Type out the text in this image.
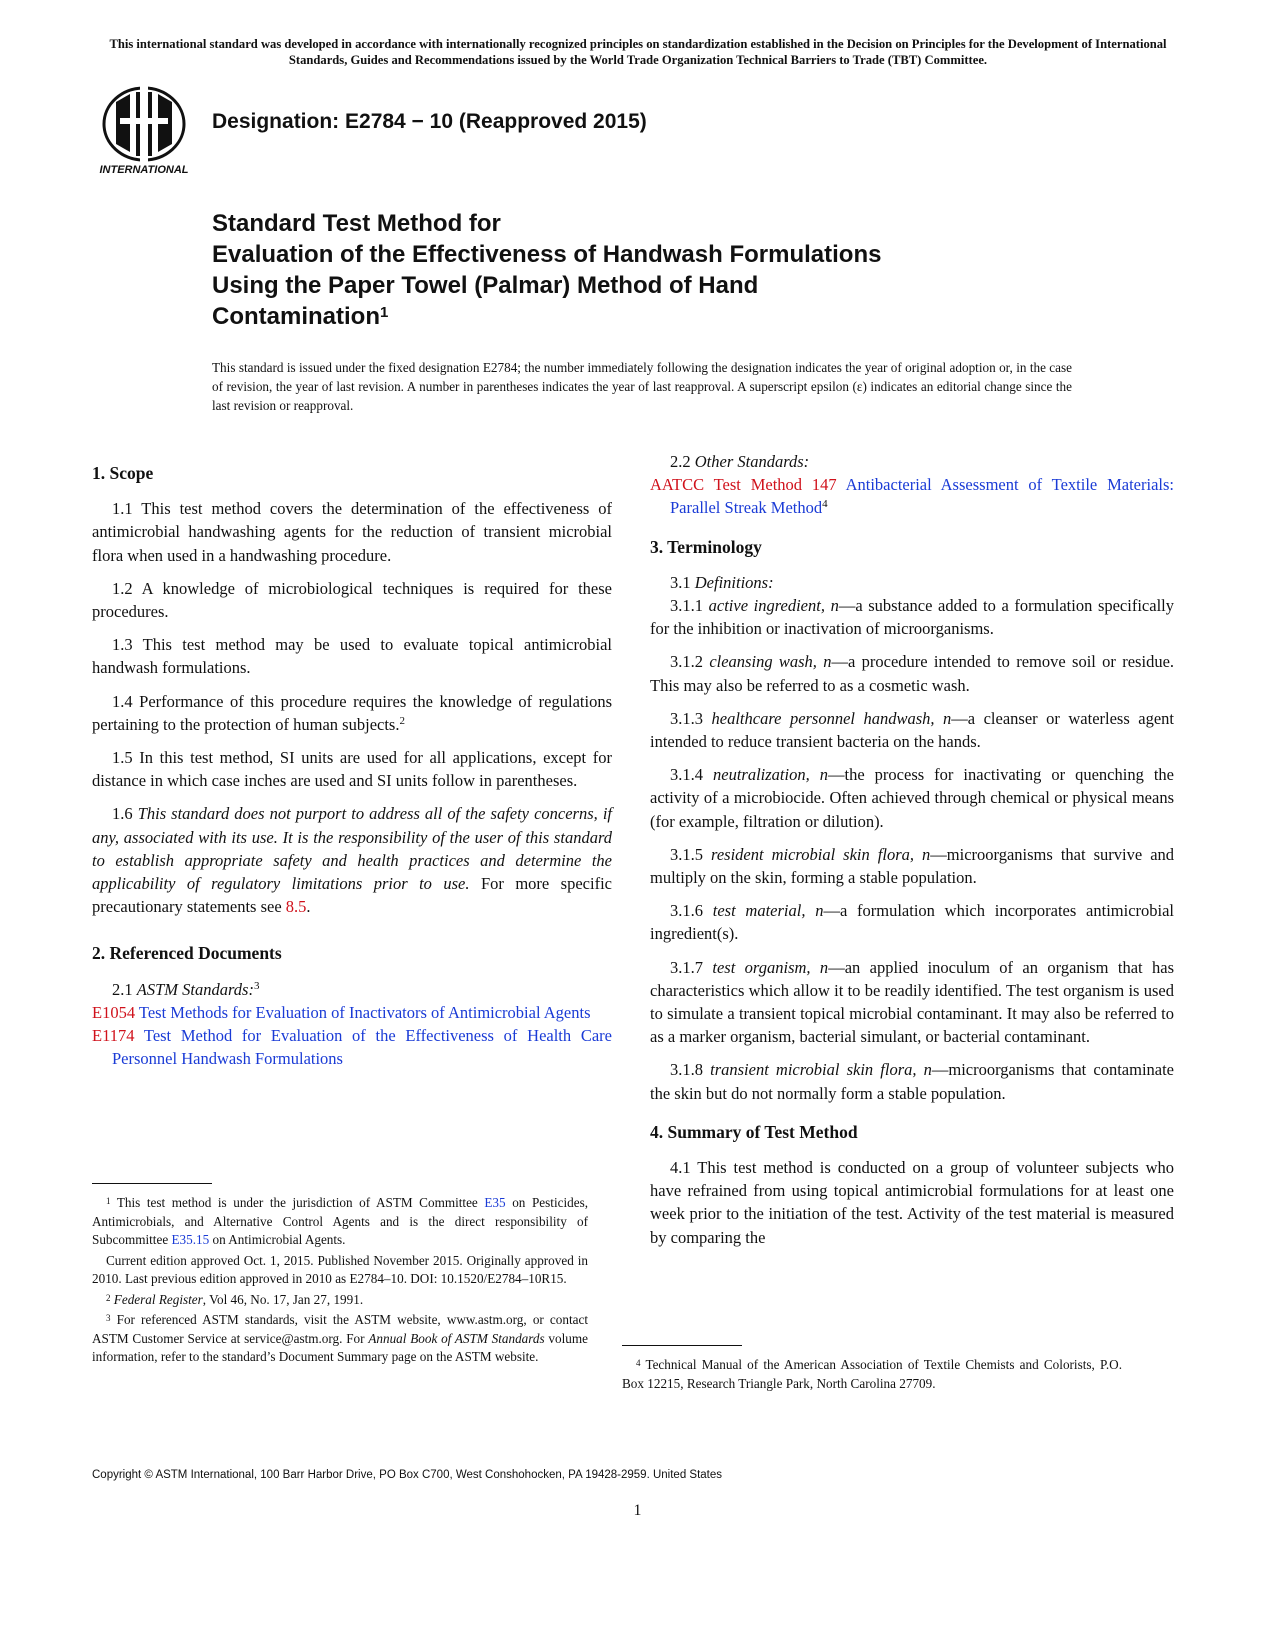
This international standard was developed in accordance with internationally recognized principles on standardization established in the Decision on Principles for the Development of International Standards, Guides and Recommendations issued by the World Trade Organization Technical Barriers to Trade (TBT) Committee.
INTERNATIONAL
Designation: E2784 − 10 (Reapproved 2015)
Standard Test Method for
Evaluation of the Effectiveness of Handwash Formulations
Using the Paper Towel (Palmar) Method of Hand
Contamination$^1$
This standard is issued under the fixed designation E2784; the number immediately following the designation indicates the year of original adoption or, in the case of revision, the year of last revision. A number in parentheses indicates the year of last reapproval. A superscript epsilon (ε) indicates an editorial change since the last revision or reapproval.
1. Scope

1.1 This test method covers the determination of the effectiveness of antimicrobial handwashing agents for the reduction of transient microbial flora when used in a handwashing procedure.

1.2 A knowledge of microbiological techniques is required for these procedures.

1.3 This test method may be used to evaluate topical antimicrobial handwash formulations.

1.4 Performance of this procedure requires the knowledge of regulations pertaining to the protection of human subjects.$^2$

1.5 In this test method, SI units are used for all applications, except for distance in which case inches are used and SI units follow in parentheses.

1.6 This standard does not purport to address all of the safety concerns, if any, associated with its use. It is the responsibility of the user of this standard to establish appropriate safety and health practices and determine the applicability of regulatory limitations prior to use. For more specific precautionary statements see 8.5.

2. Referenced Documents

2.1 ASTM Standards:$^3$

E1054 Test Methods for Evaluation of Inactivators of Antimicrobial Agents

E1174 Test Method for Evaluation of the Effectiveness of Health Care Personnel Handwash Formulations

$^1$ This test method is under the jurisdiction of ASTM Committee E35 on Pesticides, Antimicrobials, and Alternative Control Agents and is the direct responsibility of Subcommittee E35.15 on Antimicrobial Agents.

Current edition approved Oct. 1, 2015. Published November 2015. Originally approved in 2010. Last previous edition approved in 2010 as E2784–10. DOI: 10.1520/E2784–10R15.

$^2$ Federal Register, Vol 46, No. 17, Jan 27, 1991.

$^3$ For referenced ASTM standards, visit the ASTM website, www.astm.org, or contact ASTM Customer Service at service@astm.org. For Annual Book of ASTM Standards volume information, refer to the standard’s Document Summary page on the ASTM website.

2.2 Other Standards:

AATCC Test Method 147 Antibacterial Assessment of Textile Materials: Parallel Streak Method$^4$

3. Terminology

3.1 Definitions:

3.1.1 active ingredient, n—a substance added to a formulation specifically for the inhibition or inactivation of microorganisms.

3.1.2 cleansing wash, n—a procedure intended to remove soil or residue. This may also be referred to as a cosmetic wash.

3.1.3 healthcare personnel handwash, n—a cleanser or waterless agent intended to reduce transient bacteria on the hands.

3.1.4 neutralization, n—the process for inactivating or quenching the activity of a microbiocide. Often achieved through chemical or physical means (for example, filtration or dilution).

3.1.5 resident microbial skin flora, n—microorganisms that survive and multiply on the skin, forming a stable population.

3.1.6 test material, n—a formulation which incorporates antimicrobial ingredient(s).

3.1.7 test organism, n—an applied inoculum of an organism that has characteristics which allow it to be readily identified. The test organism is used to simulate a transient topical microbial contaminant. It may also be referred to as a marker organism, bacterial simulant, or bacterial contaminant.

3.1.8 transient microbial skin flora, n—microorganisms that contaminate the skin but do not normally form a stable population.

4. Summary of Test Method

4.1 This test method is conducted on a group of volunteer subjects who have refrained from using topical antimicrobial formulations for at least one week prior to the initiation of the test. Activity of the test material is measured by comparing the

$^4$ Technical Manual of the American Association of Textile Chemists and Colorists, P.O. Box 12215, Research Triangle Park, North Carolina 27709.

Copyright © ASTM International, 100 Barr Harbor Drive, PO Box C700, West Conshohocken, PA 19428-2959. United States
1
